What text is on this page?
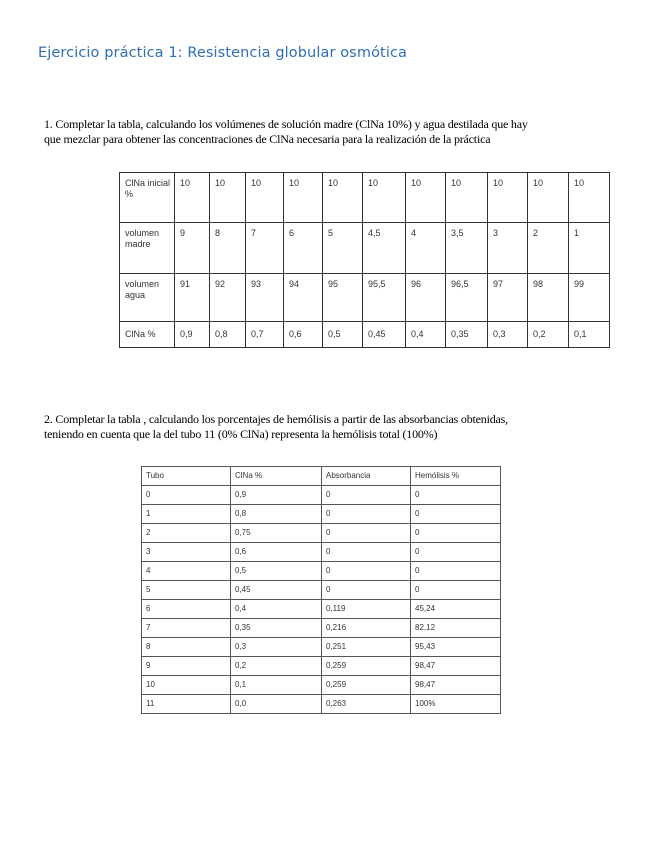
Ejercicio práctica 1: Resistencia globular osmótica

1. Completar la tabla, calculando los volúmenes de solución madre (ClNa 10%) y agua destilada que hay

que mezclar para obtener las concentraciones de ClNa necesaria para la realización de la práctica

ClNa inicial %	10	10	10	10	10	10	10	10	10	10	10
volumen madre	9	8	7	6	5	4,5	4	3,5	3	2	1
volumen agua	91	92	93	94	95	95,5	96	96,5	97	98	99
ClNa %	0,9	0,8	0,7	0,6	0,5	0,45	0,4	0,35	0,3	0,2	0,1

2. Completar la tabla , calculando los porcentajes de hemólisis a partir de las absorbancias obtenidas,

teniendo en cuenta que la del tubo 11 (0% ClNa) representa la hemólisis total (100%)

Tubo	ClNa %	Absorbancia	Hemólisis %
0	0,9	0	0
1	0,8	0	0
2	0,75	0	0
3	0,6	0	0
4	0,5	0	0
5	0,45	0	0
6	0,4	0,119	45,24
7	0,35	0,216	82,12
8	0,3	0,251	95,43
9	0,2	0,259	98,47
10	0,1	0,259	98,47
11	0,0	0,263	100%
